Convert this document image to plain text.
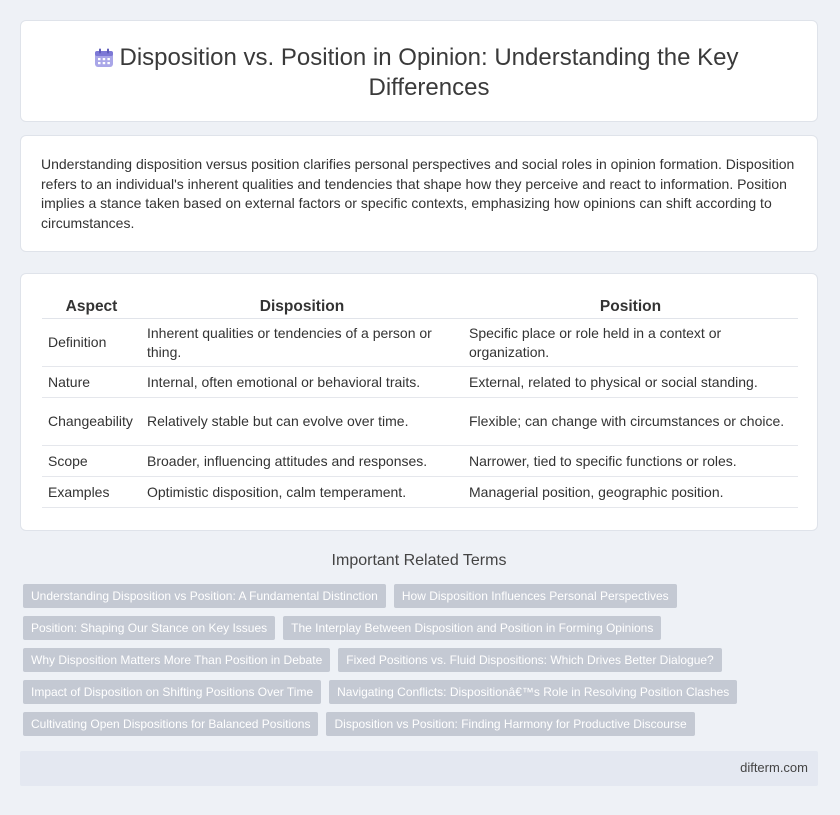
Disposition vs. Position in Opinion: Understanding the Key Differences
Understanding disposition versus position clarifies personal perspectives and social roles in opinion formation. Disposition refers to an individual's inherent qualities and tendencies that shape how they perceive and react to information. Position implies a stance taken based on external factors or specific contexts, emphasizing how opinions can shift according to circumstances.
Aspect	Disposition	Position
Definition	Inherent qualities or tendencies of a person or thing.	Specific place or role held in a context or organization.
Nature	Internal, often emotional or behavioral traits.	External, related to physical or social standing.
Changeability	Relatively stable but can evolve over time.	Flexible; can change with circumstances or choice.
Scope	Broader, influencing attitudes and responses.	Narrower, tied to specific functions or roles.
Examples	Optimistic disposition, calm temperament.	Managerial position, geographic position.
Important Related Terms
Understanding Disposition vs Position: A Fundamental Distinction	How Disposition Influences Personal Perspectives
Position: Shaping Our Stance on Key Issues	The Interplay Between Disposition and Position in Forming Opinions
Why Disposition Matters More Than Position in Debate	Fixed Positions vs. Fluid Dispositions: Which Drives Better Dialogue?
Impact of Disposition on Shifting Positions Over Time	Navigating Conflicts: Dispositionâ€™s Role in Resolving Position Clashes
Cultivating Open Dispositions for Balanced Positions	Disposition vs Position: Finding Harmony for Productive Discourse
difterm.com
